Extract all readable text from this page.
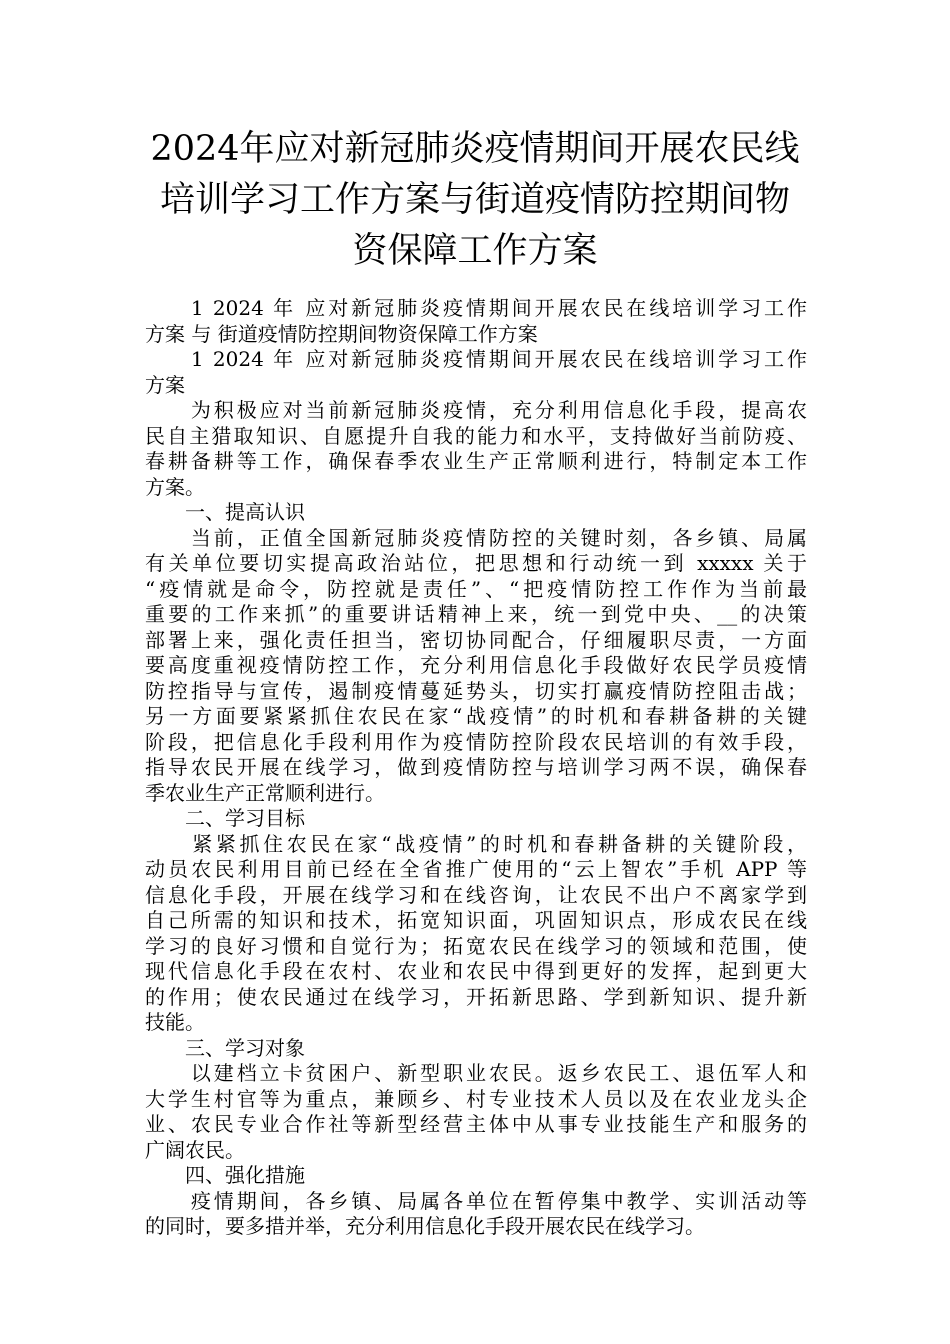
2024年应对新冠肺炎疫情期间开展农民线
培训学习工作方案与街道疫情防控期间物
资保障工作方案
　　1 2024 年 应对新冠肺炎疫情期间开展农民在线培训学习工作
方案 与 街道疫情防控期间物资保障工作方案
　　1 2024 年 应对新冠肺炎疫情期间开展农民在线培训学习工作
方案
　　为积极应对当前新冠肺炎疫情，充分利用信息化手段，提高农
民自主猎取知识、自愿提升自我的能力和水平，支持做好当前防疫、
春耕备耕等工作，确保春季农业生产正常顺利进行，特制定本工作
方案。
　　一、提高认识
　　当前，正值全国新冠肺炎疫情防控的关键时刻，各乡镇、局属
有关单位要切实提高政治站位，把思想和行动统一到 xxxxx 关于
“疫情就是命令，防控就是责任”、“把疫情防控工作作为当前最
重要的工作来抓”的重要讲话精神上来，统一到党中央、__的决策
部署上来，强化责任担当，密切协同配合，仔细履职尽责，一方面
要高度重视疫情防控工作，充分利用信息化手段做好农民学员疫情
防控指导与宣传，遏制疫情蔓延势头，切实打赢疫情防控阻击战；
另一方面要紧紧抓住农民在家“战疫情”的时机和春耕备耕的关键
阶段，把信息化手段利用作为疫情防控阶段农民培训的有效手段，
指导农民开展在线学习，做到疫情防控与培训学习两不误，确保春
季农业生产正常顺利进行。
　　二、学习目标
　　紧紧抓住农民在家“战疫情”的时机和春耕备耕的关键阶段，
动员农民利用目前已经在全省推广使用的“云上智农”手机 APP 等
信息化手段，开展在线学习和在线咨询，让农民不出户不离家学到
自己所需的知识和技术，拓宽知识面，巩固知识点，形成农民在线
学习的良好习惯和自觉行为；拓宽农民在线学习的领域和范围，使
现代信息化手段在农村、农业和农民中得到更好的发挥，起到更大
的作用；使农民通过在线学习，开拓新思路、学到新知识、提升新
技能。
　　三、学习对象
　　以建档立卡贫困户、新型职业农民。返乡农民工、退伍军人和
大学生村官等为重点，兼顾乡、村专业技术人员以及在农业龙头企
业、农民专业合作社等新型经营主体中从事专业技能生产和服务的
广阔农民。
　　四、强化措施
　　疫情期间，各乡镇、局属各单位在暂停集中教学、实训活动等
的同时，要多措并举，充分利用信息化手段开展农民在线学习。
